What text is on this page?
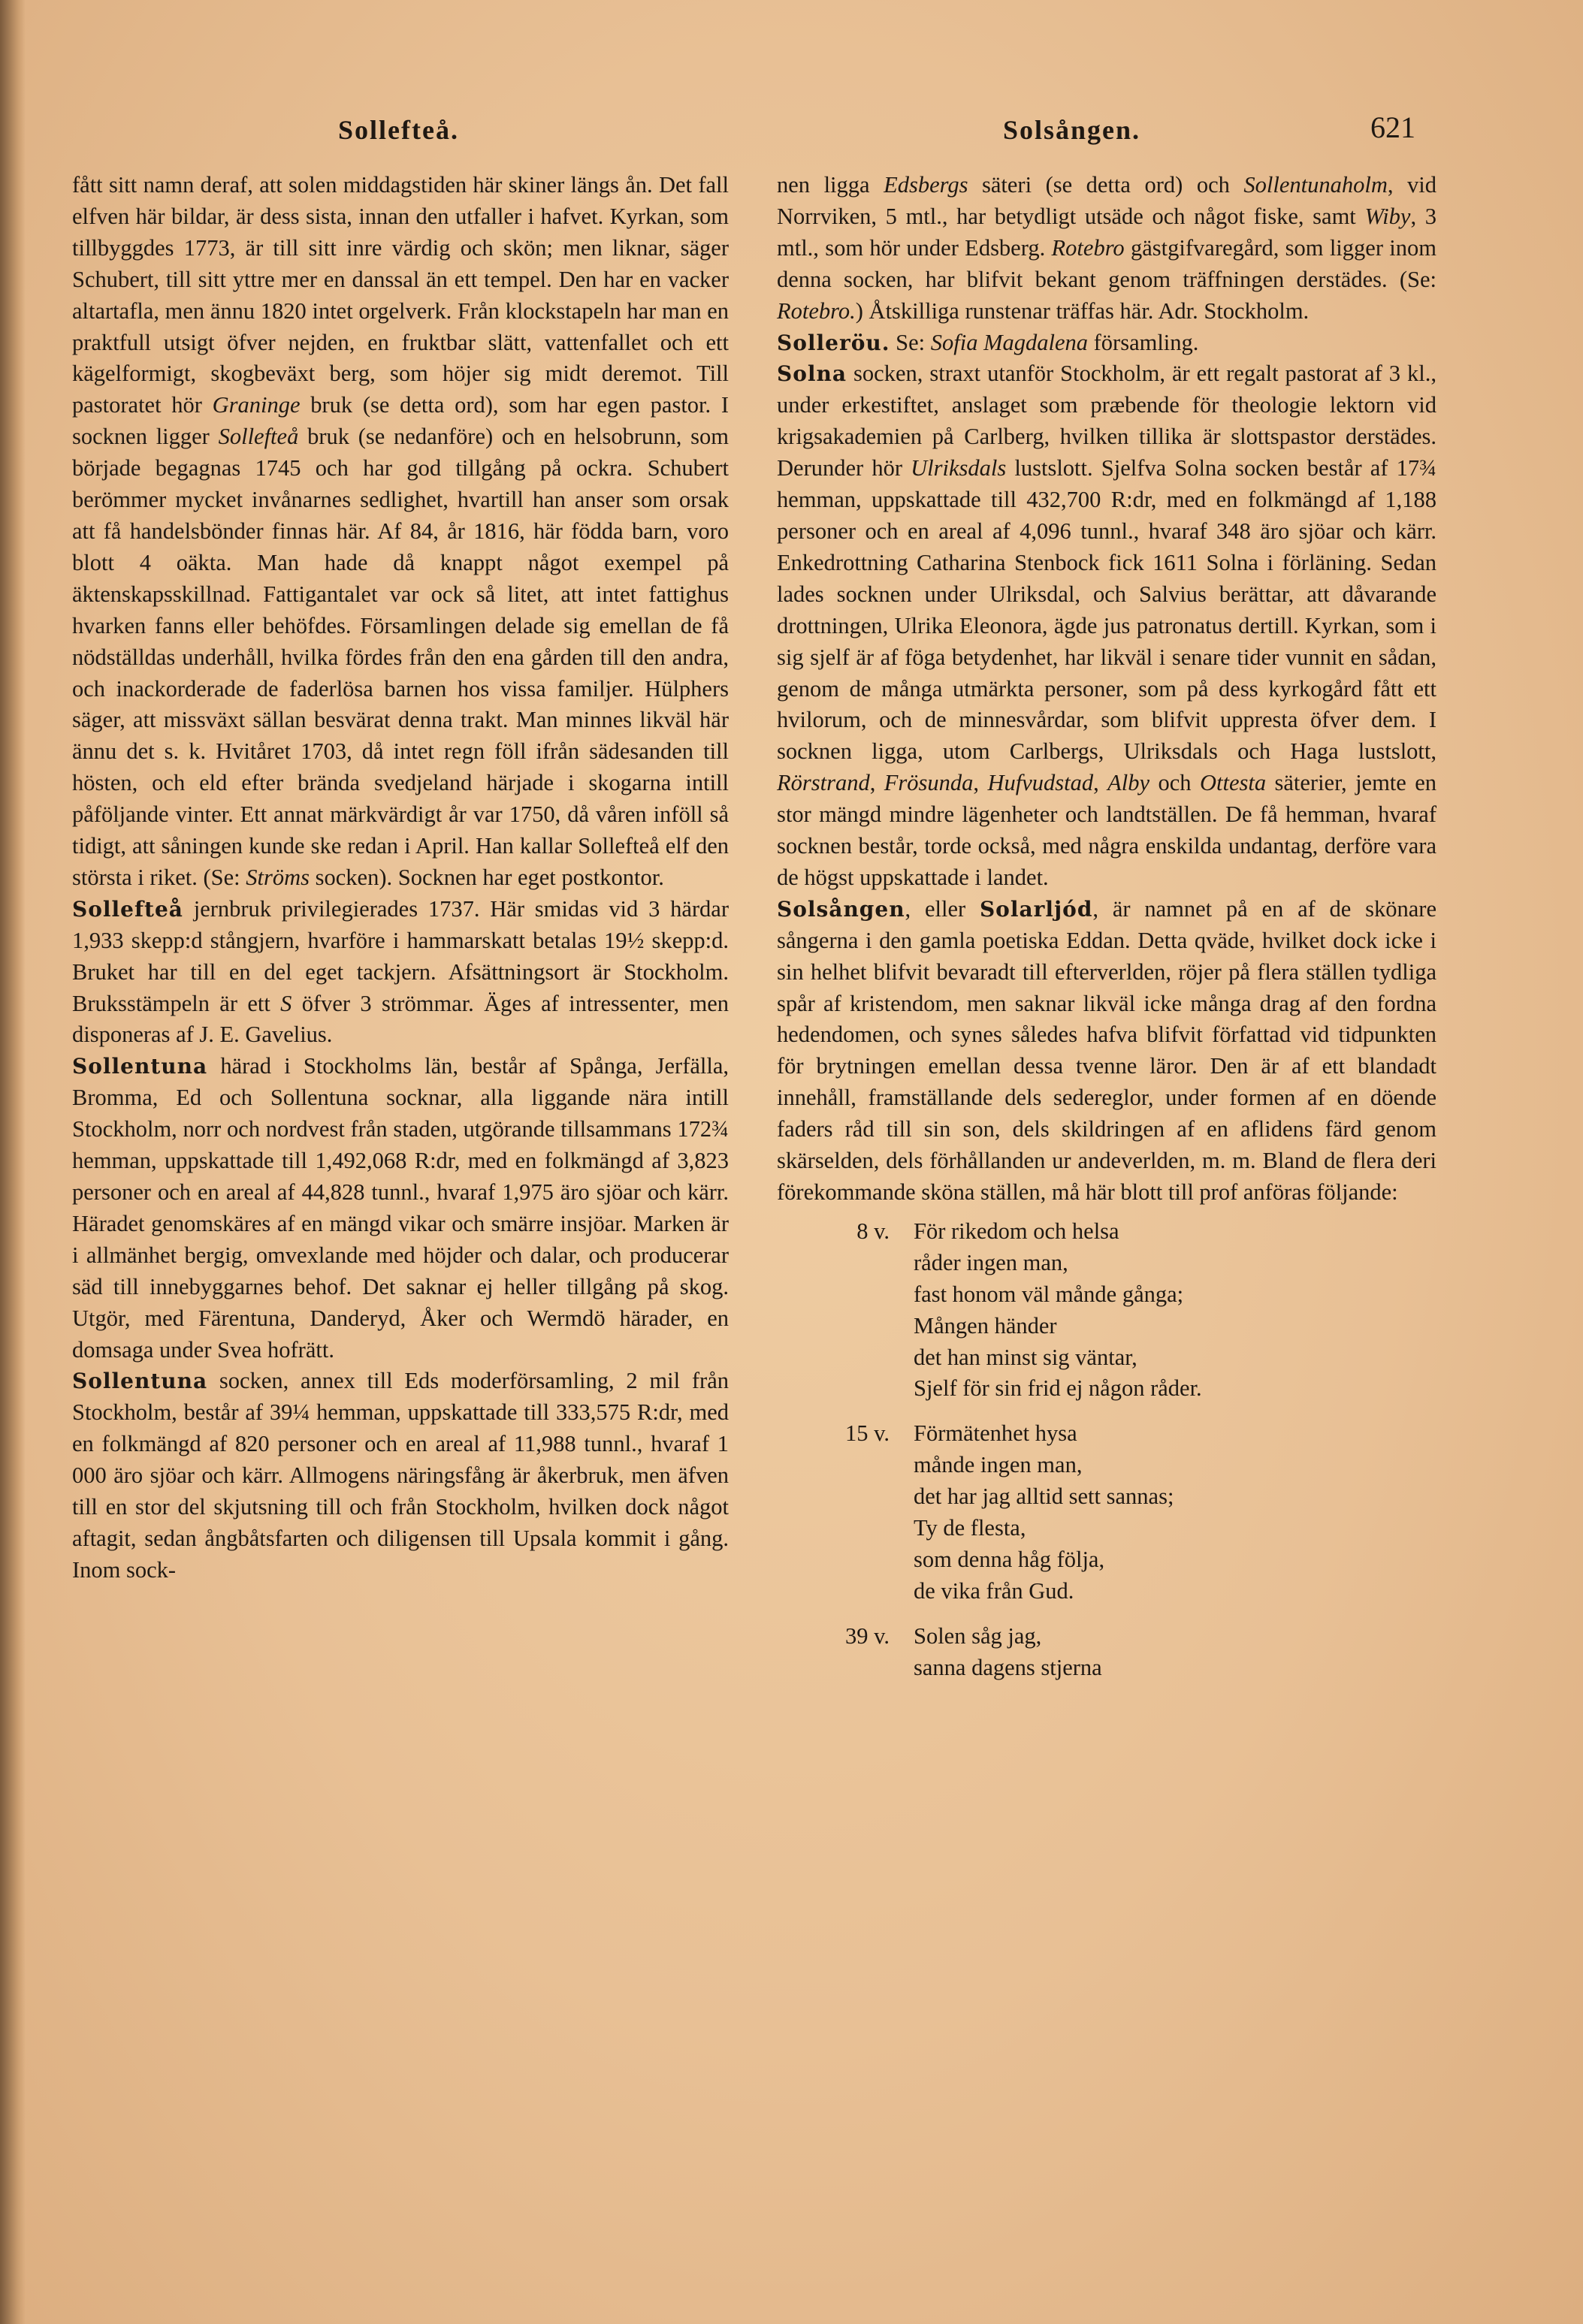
Sollefteå.	Solsången.	621

fått sitt namn deraf, att solen middagstiden här skiner längs ån. Det fall elfven här bildar, är dess sista, innan den utfaller i hafvet. Kyrkan, som tillbyggdes 1773, är till sitt inre värdig och skön; men liknar, säger Schubert, till sitt yttre mer en danssal än ett tempel. Den har en vacker altartafla, men ännu 1820 intet orgelverk. Från klockstapeln har man en praktfull utsigt öfver nejden, en fruktbar slätt, vattenfallet och ett kägelformigt, skogbeväxt berg, som höjer sig midt deremot. Till pastoratet hör Graninge bruk (se detta ord), som har egen pastor. I socknen ligger Sollefteå bruk (se nedanföre) och en helsobrunn, som började begagnas 1745 och har god tillgång på ockra. Schubert berömmer mycket invånarnes sedlighet, hvartill han anser som orsak att få handelsbönder finnas här. Af 84, år 1816, här födda barn, voro blott 4 oäkta. Man hade då knappt något exempel på äktenskapsskillnad. Fattigantalet var ock så litet, att intet fattighus hvarken fanns eller behöfdes. Församlingen delade sig emellan de få nödställdas underhåll, hvilka fördes från den ena gården till den andra, och inackorderade de faderlösa barnen hos vissa familjer. Hülphers säger, att missväxt sällan besvärat denna trakt. Man minnes likväl här ännu det s. k. Hvitåret 1703, då intet regn föll ifrån sädesanden till hösten, och eld efter brända svedjeland härjade i skogarna intill påföljande vinter. Ett annat märkvärdigt år var 1750, då våren inföll så tidigt, att såningen kunde ske redan i April. Han kallar Sollefteå elf den största i riket. (Se: Ströms socken). Socknen har eget postkontor.

Sollefteå jernbruk privilegierades 1737. Här smidas vid 3 härdar 1,933 skepp:d stångjern, hvarföre i hammarskatt betalas 19½ skepp:d. Bruket har till en del eget tackjern. Afsättningsort är Stockholm. Bruksstämpeln är ett S öfver 3 strömmar. Äges af intressenter, men disponeras af J. E. Gavelius.

Sollentuna härad i Stockholms län, består af Spånga, Jerfälla, Bromma, Ed och Sollentuna socknar, alla liggande nära intill Stockholm, norr och nordvest från staden, utgörande tillsammans 172¾ hemman, uppskattade till 1,492,068 R:dr, med en folkmängd af 3,823 personer och en areal af 44,828 tunnl., hvaraf 1,975 äro sjöar och kärr. Häradet genomskäres af en mängd vikar och smärre insjöar. Marken är i allmänhet bergig, omvexlande med höjder och dalar, och producerar säd till innebyggarnes behof. Det saknar ej heller tillgång på skog. Utgör, med Färentuna, Danderyd, Åker och Wermdö härader, en domsaga under Svea hofrätt.

Sollentuna socken, annex till Eds moderförsamling, 2 mil från Stockholm, består af 39¼ hemman, uppskattade till 333,575 R:dr, med en folkmängd af 820 personer och en areal af 11,988 tunnl., hvaraf 1 000 äro sjöar och kärr. Allmogens näringsfång är åkerbruk, men äfven till en stor del skjutsning till och från Stockholm, hvilken dock något aftagit, sedan ångbåtsfarten och diligensen till Upsala kommit i gång. Inom sock-

nen ligga Edsbergs säteri (se detta ord) och Sollentunaholm, vid Norrviken, 5 mtl., har betydligt utsäde och något fiske, samt Wiby, 3 mtl., som hör under Edsberg. Rotebro gästgifvaregård, som ligger inom denna socken, har blifvit bekant genom träffningen derstädes. (Se: Rotebro.) Åtskilliga runstenar träffas här. Adr. Stockholm.

Solleröu. Se: Sofia Magdalena församling.

Solna socken, straxt utanför Stockholm, är ett regalt pastorat af 3 kl., under erkestiftet, anslaget som præbende för theologie lektorn vid krigsakademien på Carlberg, hvilken tillika är slottspastor derstädes. Derunder hör Ulriksdals lustslott. Sjelfva Solna socken består af 17¾ hemman, uppskattade till 432,700 R:dr, med en folkmängd af 1,188 personer och en areal af 4,096 tunnl., hvaraf 348 äro sjöar och kärr. Enkedrottning Catharina Stenbock fick 1611 Solna i förläning. Sedan lades socknen under Ulriksdal, och Salvius berättar, att dåvarande drottningen, Ulrika Eleonora, ägde jus patronatus dertill. Kyrkan, som i sig sjelf är af föga betydenhet, har likväl i senare tider vunnit en sådan, genom de många utmärkta personer, som på dess kyrkogård fått ett hvilorum, och de minnesvårdar, som blifvit uppresta öfver dem. I socknen ligga, utom Carlbergs, Ulriksdals och Haga lustslott, Rörstrand, Frösunda, Hufvudstad, Alby och Ottesta säterier, jemte en stor mängd mindre lägenheter och landtställen. De få hemman, hvaraf socknen består, torde också, med några enskilda undantag, derföre vara de högst uppskattade i landet.

Solsången, eller Solarljód, är namnet på en af de skönare sångerna i den gamla poetiska Eddan. Detta qväde, hvilket dock icke i sin helhet blifvit bevaradt till efterverlden, röjer på flera ställen tydliga spår af kristendom, men saknar likväl icke många drag af den fordna hedendomen, och synes således hafva blifvit författad vid tidpunkten för brytningen emellan dessa tvenne läror. Den är af ett blandadt innehåll, framställande dels sedereglor, under formen af en döende faders råd till sin son, dels skildringen af en aflidens färd genom skärselden, dels förhållanden ur andeverlden, m. m. Bland de flera deri förekommande sköna ställen, må här blott till prof anföras följande:

8 v.	För rikedom och helsa
råder ingen man,
fast honom väl månde gånga;
Mången händer
det han minst sig väntar,
Sjelf för sin frid ej någon råder.
15 v.	Förmätenhet hysa
månde ingen man,
det har jag alltid sett sannas;
Ty de flesta,
som denna håg följa,
de vika från Gud.
39 v.	Solen såg jag,
sanna dagens stjerna
